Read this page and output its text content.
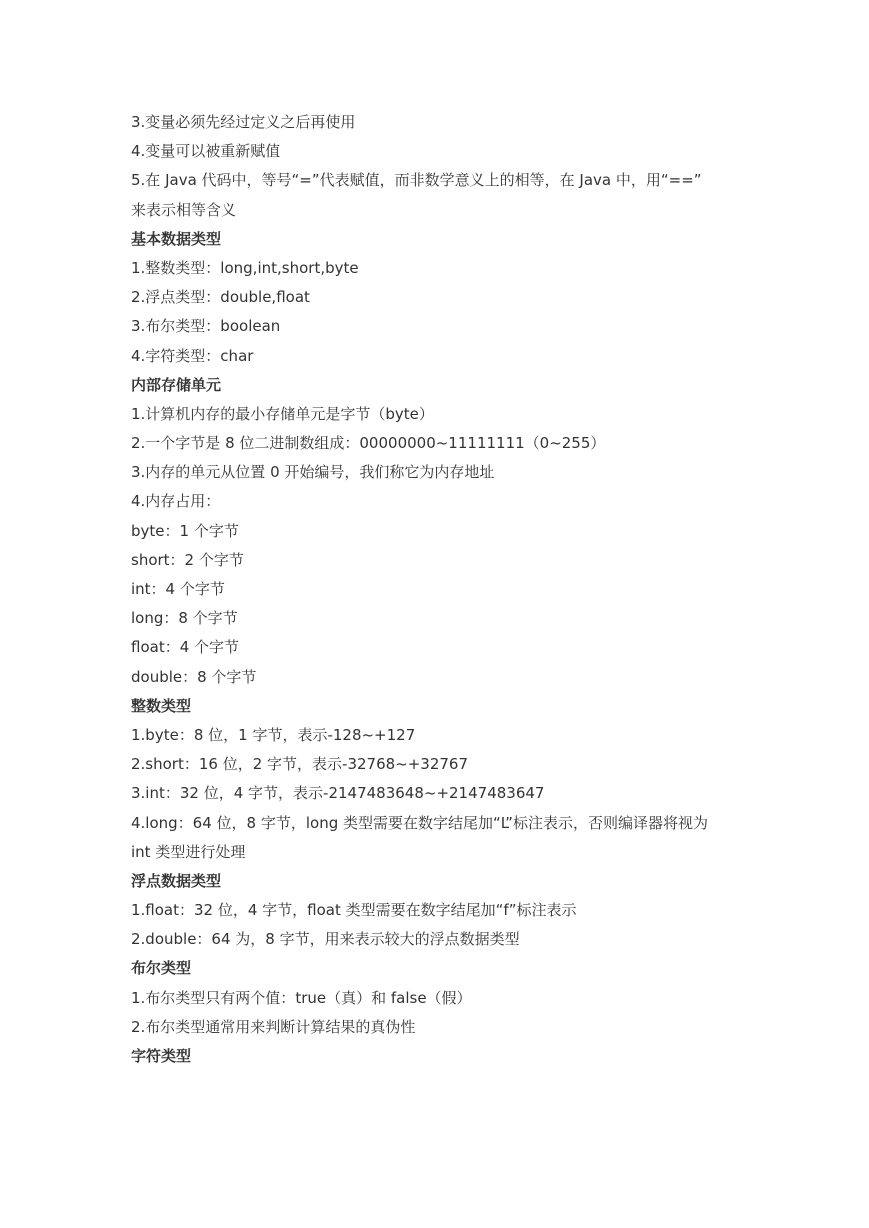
3.变量必须先经过定义之后再使用
4.变量可以被重新赋值
5.在 Java 代码中，等号“=”代表赋值，而非数学意义上的相等，在 Java 中，用“==”
来表示相等含义
基本数据类型
1.整数类型：long,int,short,byte
2.浮点类型：double,float
3.布尔类型：boolean
4.字符类型：char
内部存储单元
1.计算机内存的最小存储单元是字节（byte）
2.一个字节是 8 位二进制数组成：00000000~11111111（0~255）
3.内存的单元从位置 0 开始编号，我们称它为内存地址
4.内存占用：
byte：1 个字节
short：2 个字节
int：4 个字节
long：8 个字节
float：4 个字节
double：8 个字节
整数类型
1.byte：8 位，1 字节，表示-128~+127
2.short：16 位，2 字节，表示-32768~+32767
3.int：32 位，4 字节，表示-2147483648~+2147483647
4.long：64 位，8 字节，long 类型需要在数字结尾加“L”标注表示，否则编译器将视为
int 类型进行处理
浮点数据类型
1.float：32 位，4 字节，float 类型需要在数字结尾加“f”标注表示
2.double：64 为，8 字节，用来表示较大的浮点数据类型
布尔类型
1.布尔类型只有两个值：true（真）和 false（假）
2.布尔类型通常用来判断计算结果的真伪性
字符类型
